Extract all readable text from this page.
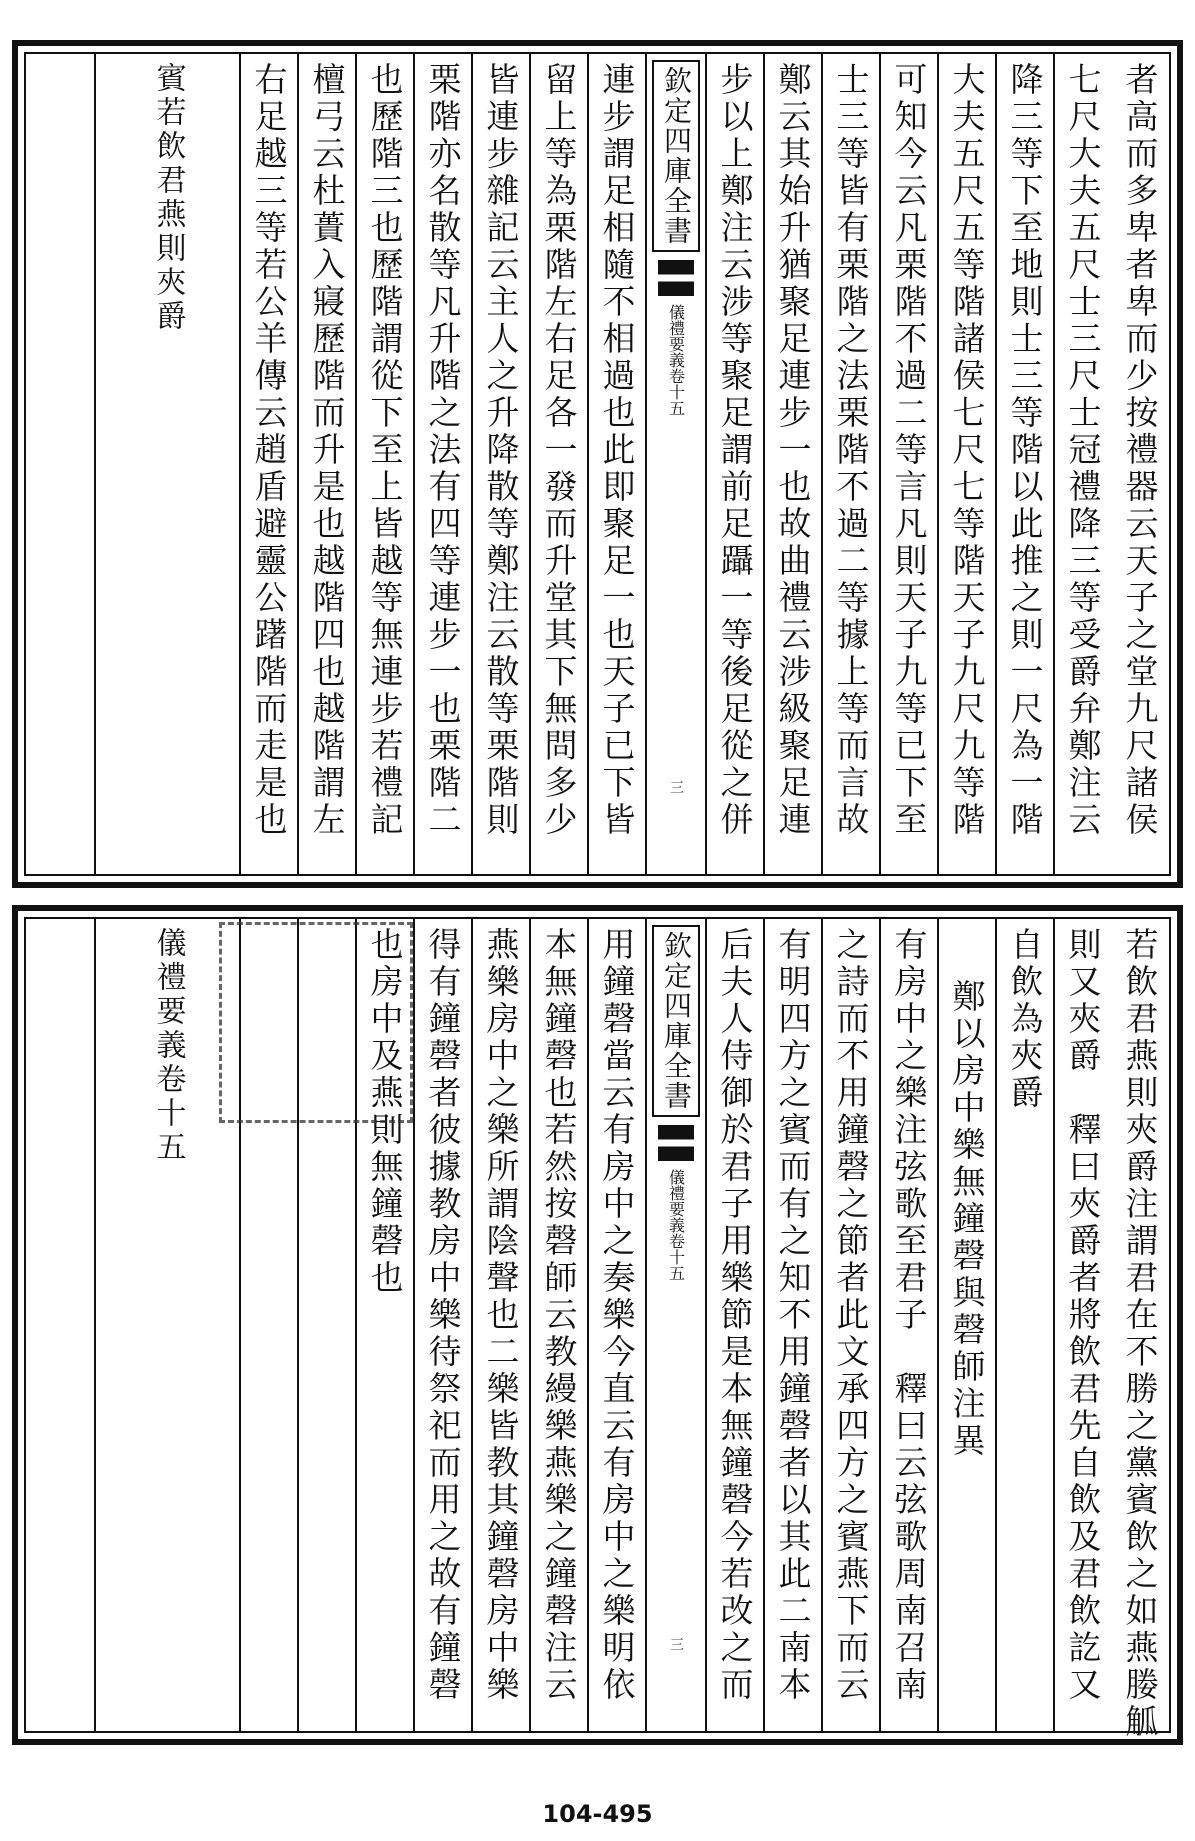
者高而多卑者卑而少按禮器云天子之堂九尺諸侯
七尺大夫五尺士三尺士冠禮降三等受爵弁鄭注云
降三等下至地則士三等階以此推之則一尺為一階
大夫五尺五等階諸侯七尺七等階天子九尺九等階
可知今云凡栗階不過二等言凡則天子九等已下至
士三等皆有栗階之法栗階不過二等據上等而言故
鄭云其始升猶聚足連步一也故曲禮云涉級聚足連
步以上鄭注云涉等聚足謂前足躡一等後足從之併
欽定四庫全書
儀禮要義
卷十五
三
連步謂足相隨不相過也此即聚足一也天子已下皆
留上等為栗階左右足各一發而升堂其下無問多少
皆連步雜記云主人之升降散等鄭注云散等栗階則
栗階亦名散等凡升階之法有四等連步一也栗階二
也歷階三也歷階謂從下至上皆越等無連步若禮記
檀弓云杜蕢入寢歷階而升是也越階四也越階謂左
右足越三等若公羊傳云趙盾避靈公躇階而走是也
賓若飲君燕則夾爵
若飲君燕則夾爵注謂君在不勝之黨賓飲之如燕媵觚
則又夾爵　釋曰夾爵者將飲君先自飲及君飲訖又
自飲為夾爵
鄭以房中樂無鐘磬與磬師注異
有房中之樂注弦歌至君子　釋曰云弦歌周南召南
之詩而不用鐘磬之節者此文承四方之賓燕下而云
有明四方之賓而有之知不用鐘磬者以其此二南本
后夫人侍御於君子用樂節是本無鐘磬今若改之而
欽定四庫全書
儀禮要義
卷十五
三
用鐘磬當云有房中之奏樂今直云有房中之樂明依
本無鐘磬也若然按磬師云教縵樂燕樂之鐘磬注云
燕樂房中之樂所謂陰聲也二樂皆教其鐘磬房中樂
得有鐘磬者彼據教房中樂待祭祀而用之故有鐘磬
也房中及燕則無鐘磬也
儀禮要義卷十五
104-495
